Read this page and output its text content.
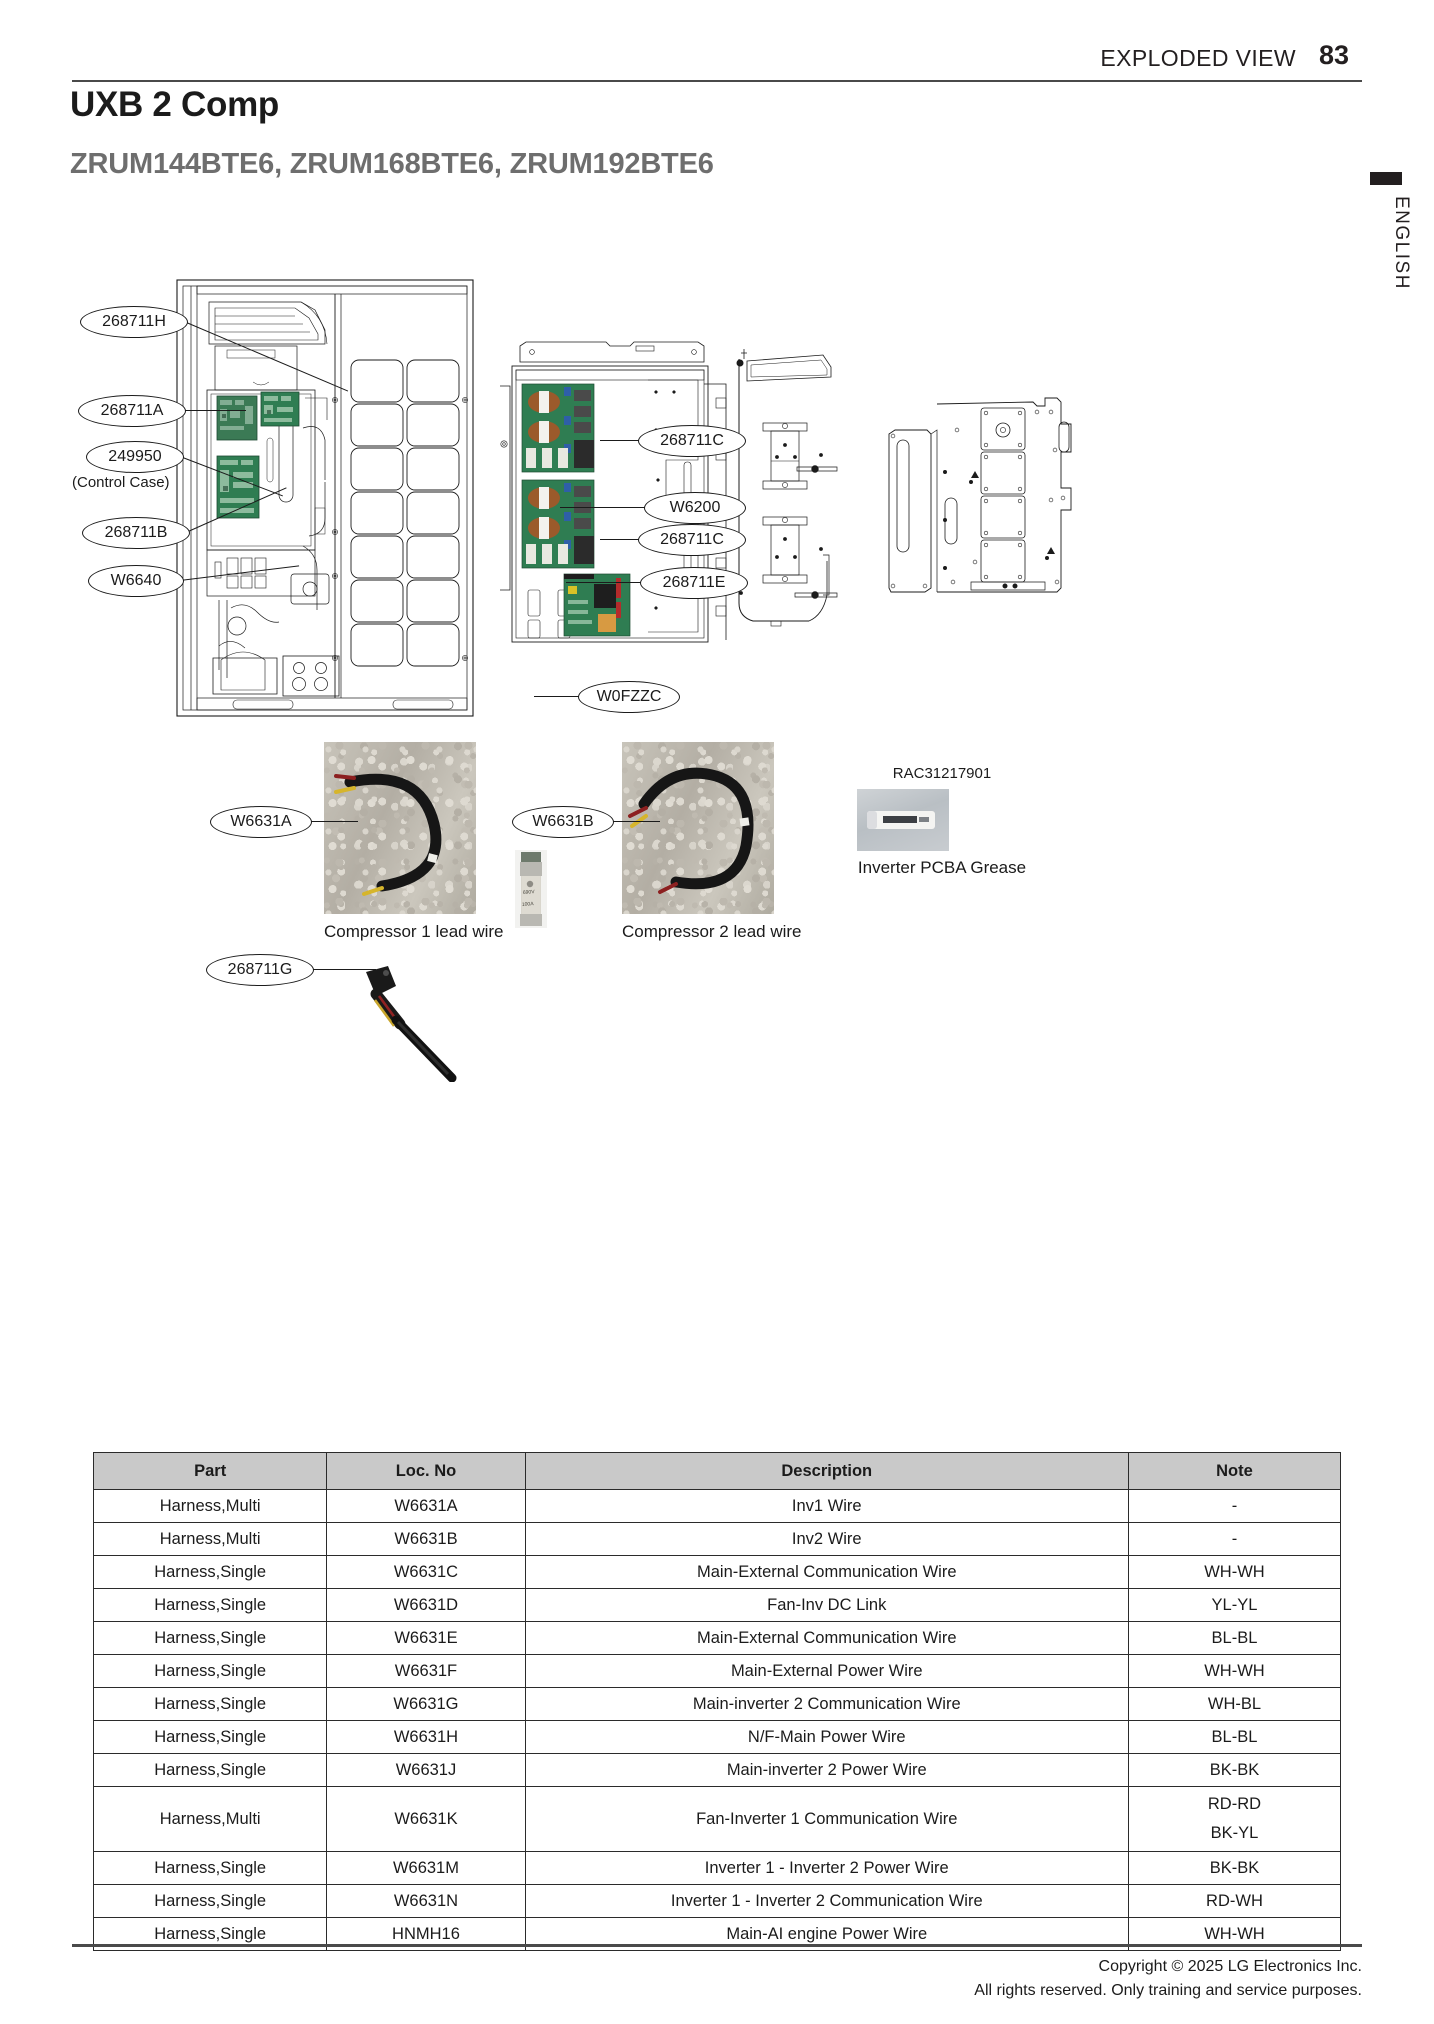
EXPLODED VIEW 83
UXB 2 Comp
ZRUM144BTE6, ZRUM168BTE6, ZRUM192BTE6
ENGLISH
690V
100A
Compressor 1 lead wire	Compressor 2 lead wire
RAC31217901
Inverter PCBA Grease
268711H
268711A
249950
(Control Case)
268711B
W6640
268711C
W6200
268711C
268711E
W0FZZC
W6631A	W6631B
268711G
Part	Loc. No	Description	Note
Harness,Multi	W6631A	Inv1 Wire	-
Harness,Multi	W6631B	Inv2 Wire	-
Harness,Single	W6631C	Main-External Communication Wire	WH-WH
Harness,Single	W6631D	Fan-Inv DC Link	YL-YL
Harness,Single	W6631E	Main-External Communication Wire	BL-BL
Harness,Single	W6631F	Main-External Power Wire	WH-WH
Harness,Single	W6631G	Main-inverter 2 Communication Wire	WH-BL
Harness,Single	W6631H	N/F-Main Power Wire	BL-BL
Harness,Single	W6631J	Main-inverter 2 Power Wire	BK-BK
Harness,Multi	W6631K	Fan-Inverter 1 Communication Wire	RD-RD
BK-YL
Harness,Single	W6631M	Inverter 1 - Inverter 2 Power Wire	BK-BK
Harness,Single	W6631N	Inverter 1 - Inverter 2 Communication Wire	RD-WH
Harness,Single	HNMH16	Main-AI engine Power Wire	WH-WH
Copyright © 2025 LG Electronics Inc.
All rights reserved. Only training and service purposes.
